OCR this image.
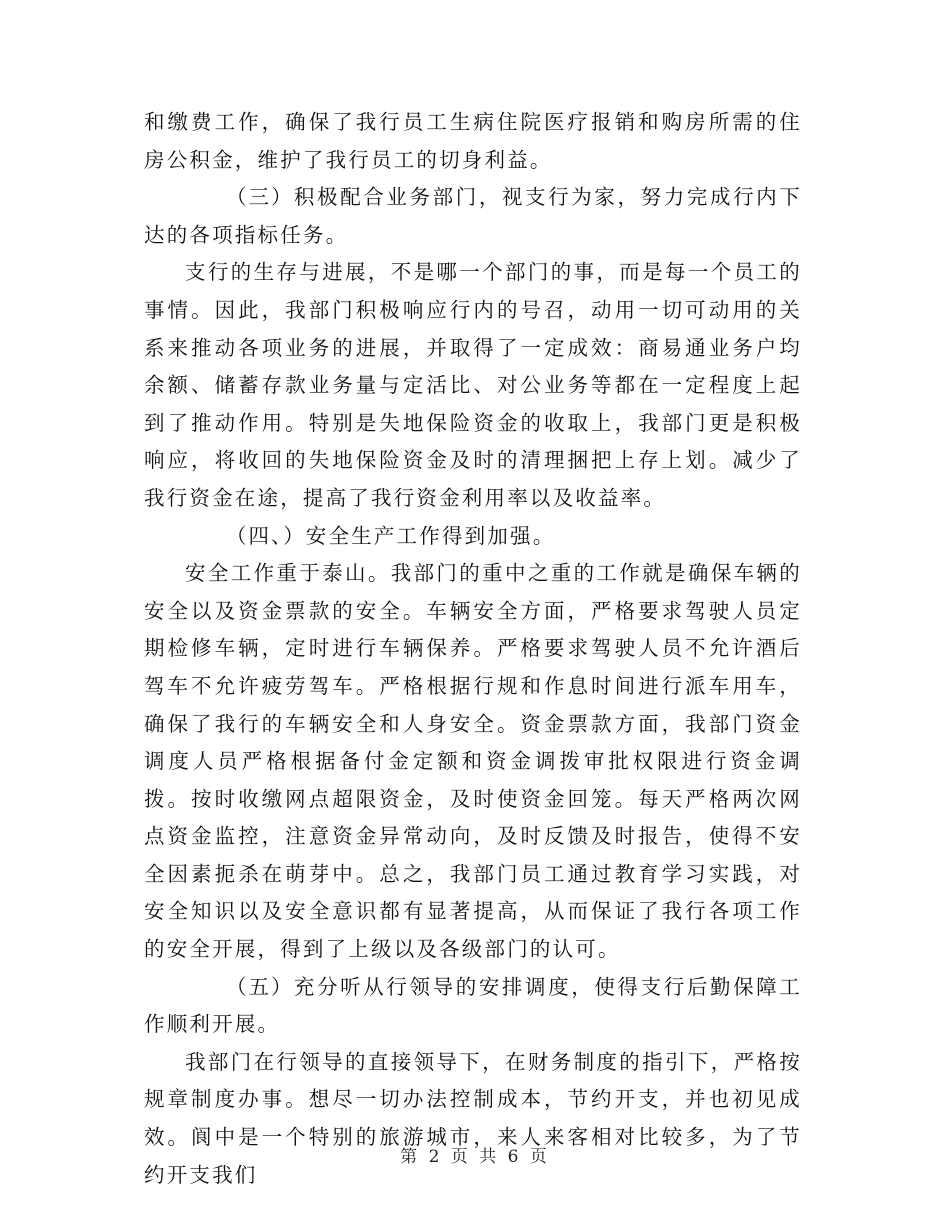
和缴费工作，确保了我行员工生病住院医疗报销和购房所需的住房公积金，维护了我行员工的切身利益。

（三）积极配合业务部门，视支行为家，努力完成行内下达的各项指标任务。

支行的生存与进展，不是哪一个部门的事，而是每一个员工的事情。因此，我部门积极响应行内的号召，动用一切可动用的关系来推动各项业务的进展，并取得了一定成效：商易通业务户均余额、储蓄存款业务量与定活比、对公业务等都在一定程度上起到了推动作用。特别是失地保险资金的收取上，我部门更是积极响应，将收回的失地保险资金及时的清理捆把上存上划。减少了我行资金在途，提高了我行资金利用率以及收益率。

（四、）安全生产工作得到加强。

安全工作重于泰山。我部门的重中之重的工作就是确保车辆的安全以及资金票款的安全。车辆安全方面，严格要求驾驶人员定期检修车辆，定时进行车辆保养。严格要求驾驶人员不允许酒后驾车不允许疲劳驾车。严格根据行规和作息时间进行派车用车，确保了我行的车辆安全和人身安全。资金票款方面，我部门资金调度人员严格根据备付金定额和资金调拨审批权限进行资金调拨。按时收缴网点超限资金，及时使资金回笼。每天严格两次网点资金监控，注意资金异常动向，及时反馈及时报告，使得不安全因素扼杀在萌芽中。总之，我部门员工通过教育学习实践，对安全知识以及安全意识都有显著提高，从而保证了我行各项工作的安全开展，得到了上级以及各级部门的认可。

（五）充分听从行领导的安排调度，使得支行后勤保障工作顺利开展。

我部门在行领导的直接领导下，在财务制度的指引下，严格按规章制度办事。想尽一切办法控制成本，节约开支，并也初见成效。阆中是一个特别的旅游城市，来人来客相对比较多，为了节约开支我们

第 2 页 共 6 页
